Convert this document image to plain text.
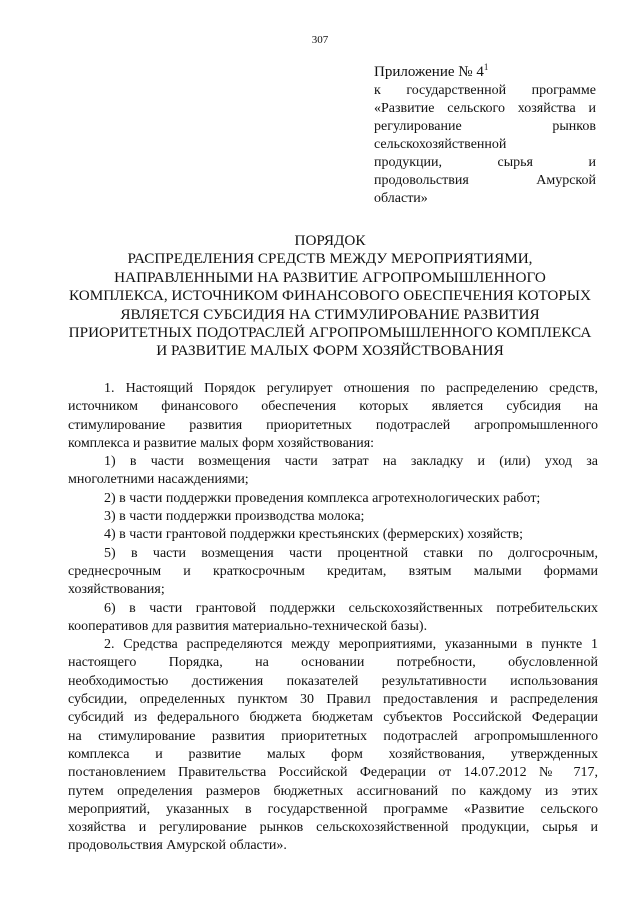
307
Приложение № $4^1$
к государственной программе
«Развитие сельского хозяйства и
регулирование рынков
сельскохозяйственной
продукции, сырья и
продовольствия Амурской
области»
ПОРЯДОК
РАСПРЕДЕЛЕНИЯ СРЕДСТВ МЕЖДУ МЕРОПРИЯТИЯМИ,
НАПРАВЛЕННЫМИ НА РАЗВИТИЕ АГРОПРОМЫШЛЕННОГО
КОМПЛЕКСА, ИСТОЧНИКОМ ФИНАНСОВОГО ОБЕСПЕЧЕНИЯ КОТОРЫХ
ЯВЛЯЕТСЯ СУБСИДИЯ НА СТИМУЛИРОВАНИЕ РАЗВИТИЯ
ПРИОРИТЕТНЫХ ПОДОТРАСЛЕЙ АГРОПРОМЫШЛЕННОГО КОМПЛЕКСА
И РАЗВИТИЕ МАЛЫХ ФОРМ ХОЗЯЙСТВОВАНИЯ
1. Настоящий Порядок регулирует отношения по распределению средств,
источником финансового обеспечения которых является субсидия на
стимулирование развития приоритетных подотраслей агропромышленного
комплекса и развитие малых форм хозяйствования:
1) в части возмещения части затрат на закладку и (или) уход за
многолетними насаждениями;
2) в части поддержки проведения комплекса агротехнологических работ;
3) в части поддержки производства молока;
4) в части грантовой поддержки крестьянских (фермерских) хозяйств;
5) в части возмещения части процентной ставки по долгосрочным,
среднесрочным и краткосрочным кредитам, взятым малыми формами
хозяйствования;
6) в части грантовой поддержки сельскохозяйственных потребительских
кооперативов для развития материально-технической базы).
2. Средства распределяются между мероприятиями, указанными в пункте 1
настоящего Порядка, на основании потребности, обусловленной
необходимостью достижения показателей результативности использования
субсидии, определенных пунктом 30 Правил предоставления и распределения
субсидий из федерального бюджета бюджетам субъектов Российской Федерации
на стимулирование развития приоритетных подотраслей агропромышленного
комплекса и развитие малых форм хозяйствования, утвержденных
постановлением Правительства Российской Федерации от 14.07.2012 № 717,
путем определения размеров бюджетных ассигнований по каждому из этих
мероприятий, указанных в государственной программе «Развитие сельского
хозяйства и регулирование рынков сельскохозяйственной продукции, сырья и
продовольствия Амурской области».
